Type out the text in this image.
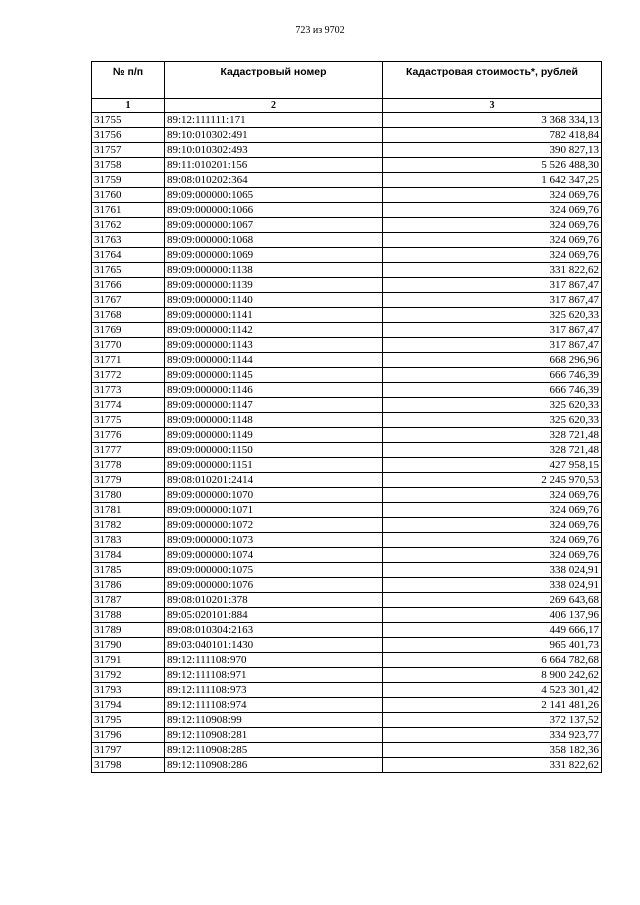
723 из 9702
№ п/п	Кадастровый номер	Кадастровая стоимость*, рублей
1	2	3
31755	89:12:111111:171	3 368 334,13
31756	89:10:010302:491	782 418,84
31757	89:10:010302:493	390 827,13
31758	89:11:010201:156	5 526 488,30
31759	89:08:010202:364	1 642 347,25
31760	89:09:000000:1065	324 069,76
31761	89:09:000000:1066	324 069,76
31762	89:09:000000:1067	324 069,76
31763	89:09:000000:1068	324 069,76
31764	89:09:000000:1069	324 069,76
31765	89:09:000000:1138	331 822,62
31766	89:09:000000:1139	317 867,47
31767	89:09:000000:1140	317 867,47
31768	89:09:000000:1141	325 620,33
31769	89:09:000000:1142	317 867,47
31770	89:09:000000:1143	317 867,47
31771	89:09:000000:1144	668 296,96
31772	89:09:000000:1145	666 746,39
31773	89:09:000000:1146	666 746,39
31774	89:09:000000:1147	325 620,33
31775	89:09:000000:1148	325 620,33
31776	89:09:000000:1149	328 721,48
31777	89:09:000000:1150	328 721,48
31778	89:09:000000:1151	427 958,15
31779	89:08:010201:2414	2 245 970,53
31780	89:09:000000:1070	324 069,76
31781	89:09:000000:1071	324 069,76
31782	89:09:000000:1072	324 069,76
31783	89:09:000000:1073	324 069,76
31784	89:09:000000:1074	324 069,76
31785	89:09:000000:1075	338 024,91
31786	89:09:000000:1076	338 024,91
31787	89:08:010201:378	269 643,68
31788	89:05:020101:884	406 137,96
31789	89:08:010304:2163	449 666,17
31790	89:03:040101:1430	965 401,73
31791	89:12:111108:970	6 664 782,68
31792	89:12:111108:971	8 900 242,62
31793	89:12:111108:973	4 523 301,42
31794	89:12:111108:974	2 141 481,26
31795	89:12:110908:99	372 137,52
31796	89:12:110908:281	334 923,77
31797	89:12:110908:285	358 182,36
31798	89:12:110908:286	331 822,62
